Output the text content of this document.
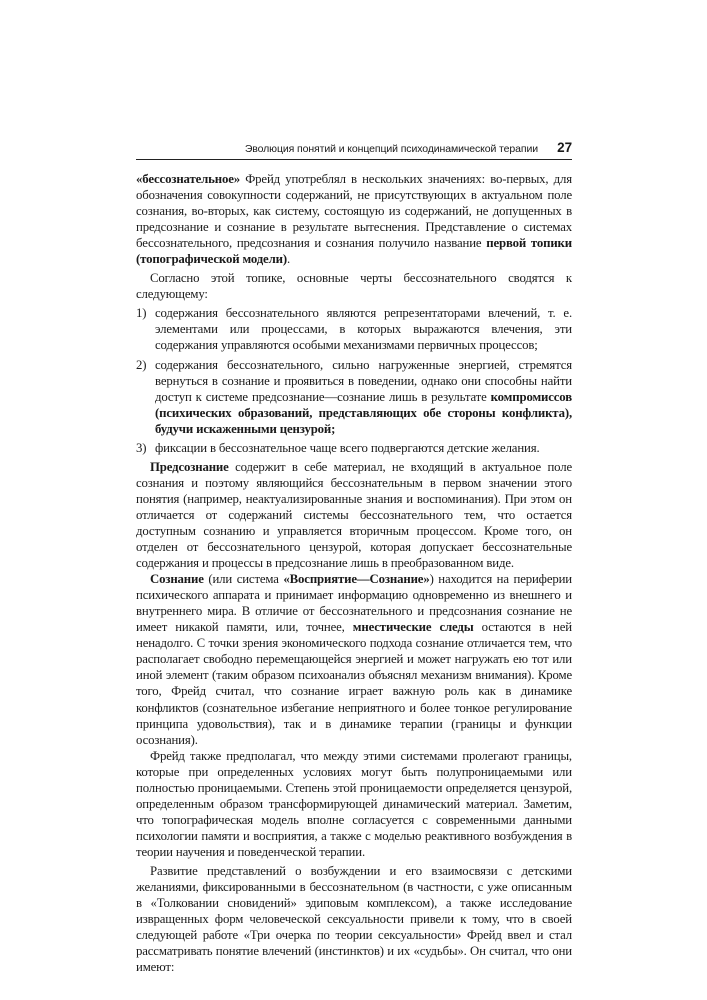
Эволюция понятий и концепций психодинамической терапии 27

«бессознательное» Фрейд употреблял в нескольких значениях: во-первых, для обозначения совокупности содержаний, не присутствующих в актуальном поле сознания, во-вторых, как систему, состоящую из содержаний, не допущенных в предсознание и сознание в результате вытеснения. Представление о системах бессознательного, предсознания и сознания получило название первой топики (топографической модели).

Согласно этой топике, основные черты бессознательного сводятся к следующему:

1) содержания бессознательного являются репрезентаторами влечений, т. е. элементами или процессами, в которых выражаются влечения, эти содержания управляются особыми механизмами первичных процессов;
2) содержания бессознательного, сильно нагруженные энергией, стремятся вернуться в сознание и проявиться в поведении, однако они способны найти доступ к системе предсознание—сознание лишь в результате компромиссов (психических образований, представляющих обе стороны конфликта), будучи искаженными цензурой;
3) фиксации в бессознательное чаще всего подвергаются детские желания.

Предсознание содержит в себе материал, не входящий в актуальное поле сознания и поэтому являющийся бессознательным в первом значении этого понятия (например, неактуализированные знания и воспоминания). При этом он отличается от содержаний системы бессознательного тем, что остается доступным сознанию и управляется вторичным процессом. Кроме того, он отделен от бессознательного цензурой, которая допускает бессознательные содержания и процессы в предсознание лишь в преобразованном виде.

Сознание (или система «Восприятие—Сознание») находится на периферии психического аппарата и принимает информацию одновременно из внешнего и внутреннего мира. В отличие от бессознательного и предсознания сознание не имеет никакой памяти, или, точнее, мнестические следы остаются в ней ненадолго. С точки зрения экономического подхода сознание отличается тем, что располагает свободно перемещающейся энергией и может нагружать ею тот или иной элемент (таким образом психоанализ объяснял механизм внимания). Кроме того, Фрейд считал, что сознание играет важную роль как в динамике конфликтов (сознательное избегание неприятного и более тонкое регулирование принципа удовольствия), так и в динамике терапии (границы и функции осознания).

Фрейд также предполагал, что между этими системами пролегают границы, которые при определенных условиях могут быть полупроницаемыми или полностью проницаемыми. Степень этой проницаемости определяется цензурой, определенным образом трансформирующей динамический материал. Заметим, что топографическая модель вполне согласуется с современными данными психологии памяти и восприятия, а также с моделью реактивного возбуждения в теории научения и поведенческой терапии.

Развитие представлений о возбуждении и его взаимосвязи с детскими желаниями, фиксированными в бессознательном (в частности, с уже описанным в «Толковании сновидений» эдиповым комплексом), а также исследование извращенных форм человеческой сексуальности привели к тому, что в своей следующей работе «Три очерка по теории сексуальности» Фрейд ввел и стал рассматривать понятие влечений (инстинктов) и их «судьбы». Он считал, что они имеют:
